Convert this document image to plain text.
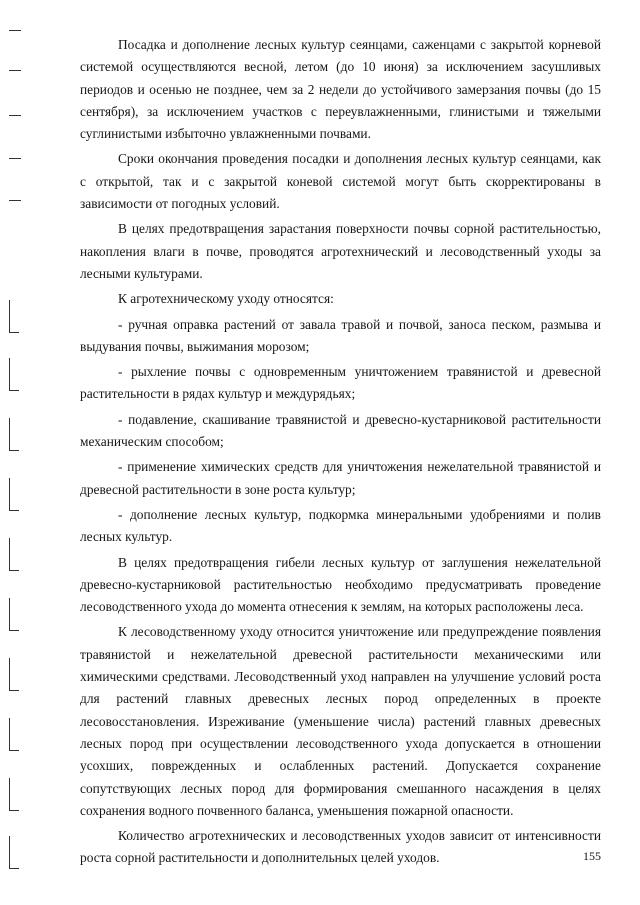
Посадка и дополнение лесных культур сеянцами, саженцами с закрытой корневой системой осуществляются весной, летом (до 10 июня) за исключением засушливых периодов и осенью не позднее, чем за 2 недели до устойчивого замерзания почвы (до 15 сентября), за исключением участков с переувлажненными, глинистыми и тяжелыми суглинистыми избыточно увлажненными почвами.

Сроки окончания проведения посадки и дополнения лесных культур сеянцами, как с открытой, так и с закрытой коневой системой могут быть скорректированы в зависимости от погодных условий.

В целях предотвращения зарастания поверхности почвы сорной растительностью, накопления влаги в почве, проводятся агротехнический и лесоводственный уходы за лесными культурами.

К агротехническому уходу относятся:

- ручная оправка растений от завала травой и почвой, заноса песком, размыва и выдувания почвы, выжимания морозом;

- рыхление почвы с одновременным уничтожением травянистой и древесной растительности в рядах культур и междурядьях;

- подавление, скашивание травянистой и древесно-кустарниковой растительности механическим способом;

- применение химических средств для уничтожения нежелательной травянистой и древесной растительности в зоне роста культур;

- дополнение лесных культур, подкормка минеральными удобрениями и полив лесных культур.

В целях предотвращения гибели лесных культур от заглушения нежелательной древесно-кустарниковой растительностью необходимо предусматривать проведение лесоводственного ухода до момента отнесения к землям, на которых расположены леса.

К лесоводственному уходу относится уничтожение или предупреждение появления травянистой и нежелательной древесной растительности механическими или химическими средствами. Лесоводственный уход направлен на улучшение условий роста для растений главных древесных лесных пород определенных в проекте лесовосстановления. Изреживание (уменьшение числа) растений главных древесных лесных пород при осуществлении лесоводственного ухода допускается в отношении усохших, поврежденных и ослабленных растений. Допускается сохранение сопутствующих лесных пород для формирования смешанного насаждения в целях сохранения водного почвенного баланса, уменьшения пожарной опасности.

Количество агротехнических и лесоводственных уходов зависит от интенсивности роста сорной растительности и дополнительных целей уходов.	155
